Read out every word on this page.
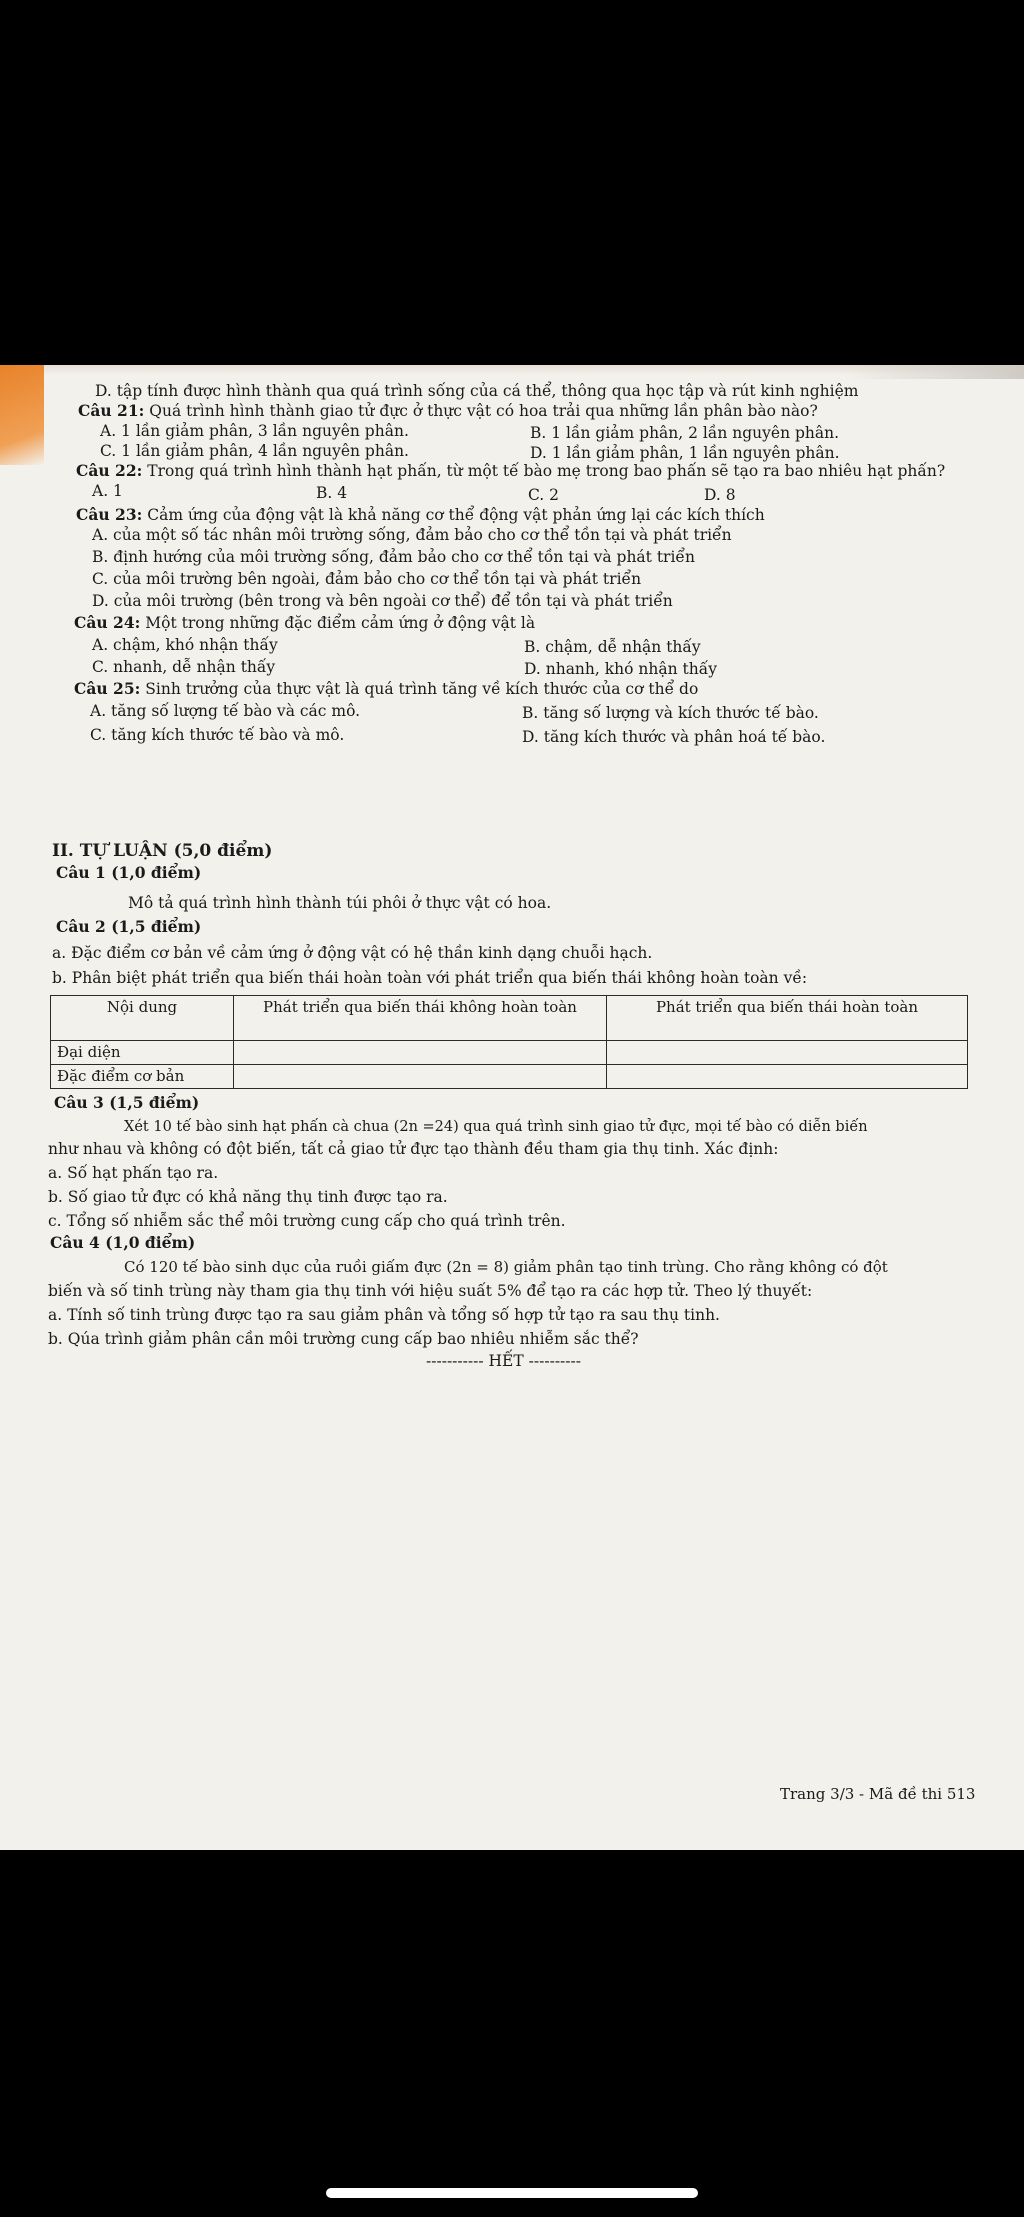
D. tập tính được hình thành qua quá trình sống của cá thể, thông qua học tập và rút kinh nghiệm
Câu 21: Quá trình hình thành giao tử đực ở thực vật có hoa trải qua những lần phân bào nào?
A. 1 lần giảm phân, 3 lần nguyên phân.	B. 1 lần giảm phân, 2 lần nguyên phân.
C. 1 lần giảm phân, 4 lần nguyên phân.	D. 1 lần giảm phân, 1 lần nguyên phân.
Câu 22: Trong quá trình hình thành hạt phấn, từ một tế bào mẹ trong bao phấn sẽ tạo ra bao nhiêu hạt phấn?
A. 1	B. 4	C. 2	D. 8
Câu 23: Cảm ứng của động vật là khả năng cơ thể động vật phản ứng lại các kích thích
A. của một số tác nhân môi trường sống, đảm bảo cho cơ thể tồn tại và phát triển
B. định hướng của môi trường sống, đảm bảo cho cơ thể tồn tại và phát triển
C. của môi trường bên ngoài, đảm bảo cho cơ thể tồn tại và phát triển
D. của môi trường (bên trong và bên ngoài cơ thể) để tồn tại và phát triển
Câu 24: Một trong những đặc điểm cảm ứng ở động vật là
A. chậm, khó nhận thấy	B. chậm, dễ nhận thấy
C. nhanh, dễ nhận thấy	D. nhanh, khó nhận thấy
Câu 25: Sinh trưởng của thực vật là quá trình tăng về kích thước của cơ thể do
A. tăng số lượng tế bào và các mô.	B. tăng số lượng và kích thước tế bào.
C. tăng kích thước tế bào và mô.	D. tăng kích thước và phân hoá tế bào.
II. TỰ LUẬN (5,0 điểm)
Câu 1 (1,0 điểm)
Mô tả quá trình hình thành túi phôi ở thực vật có hoa.
Câu 2 (1,5 điểm)
a. Đặc điểm cơ bản về cảm ứng ở động vật có hệ thần kinh dạng chuỗi hạch.
b. Phân biệt phát triển qua biến thái hoàn toàn với phát triển qua biến thái không hoàn toàn về:
Nội dung	Phát triển qua biến thái không hoàn toàn	Phát triển qua biến thái hoàn toàn
Đại diện		
Đặc điểm cơ bản		
Câu 3 (1,5 điểm)
Xét 10 tế bào sinh hạt phấn cà chua (2n =24) qua quá trình sinh giao tử đực, mọi tế bào có diễn biến
như nhau và không có đột biến, tất cả giao tử đực tạo thành đều tham gia thụ tinh. Xác định:
a. Số hạt phấn tạo ra.
b. Số giao tử đực có khả năng thụ tinh được tạo ra.
c. Tổng số nhiễm sắc thể môi trường cung cấp cho quá trình trên.
Câu 4 (1,0 điểm)
Có 120 tế bào sinh dục của ruồi giấm đực (2n = 8) giảm phân tạo tinh trùng. Cho rằng không có đột
biến và số tinh trùng này tham gia thụ tinh với hiệu suất 5% để tạo ra các hợp tử. Theo lý thuyết:
a. Tính số tinh trùng được tạo ra sau giảm phân và tổng số hợp tử tạo ra sau thụ tinh.
b. Qúa trình giảm phân cần môi trường cung cấp bao nhiêu nhiễm sắc thể?
----------- HẾT ----------
Trang 3/3 - Mã đề thi 513
